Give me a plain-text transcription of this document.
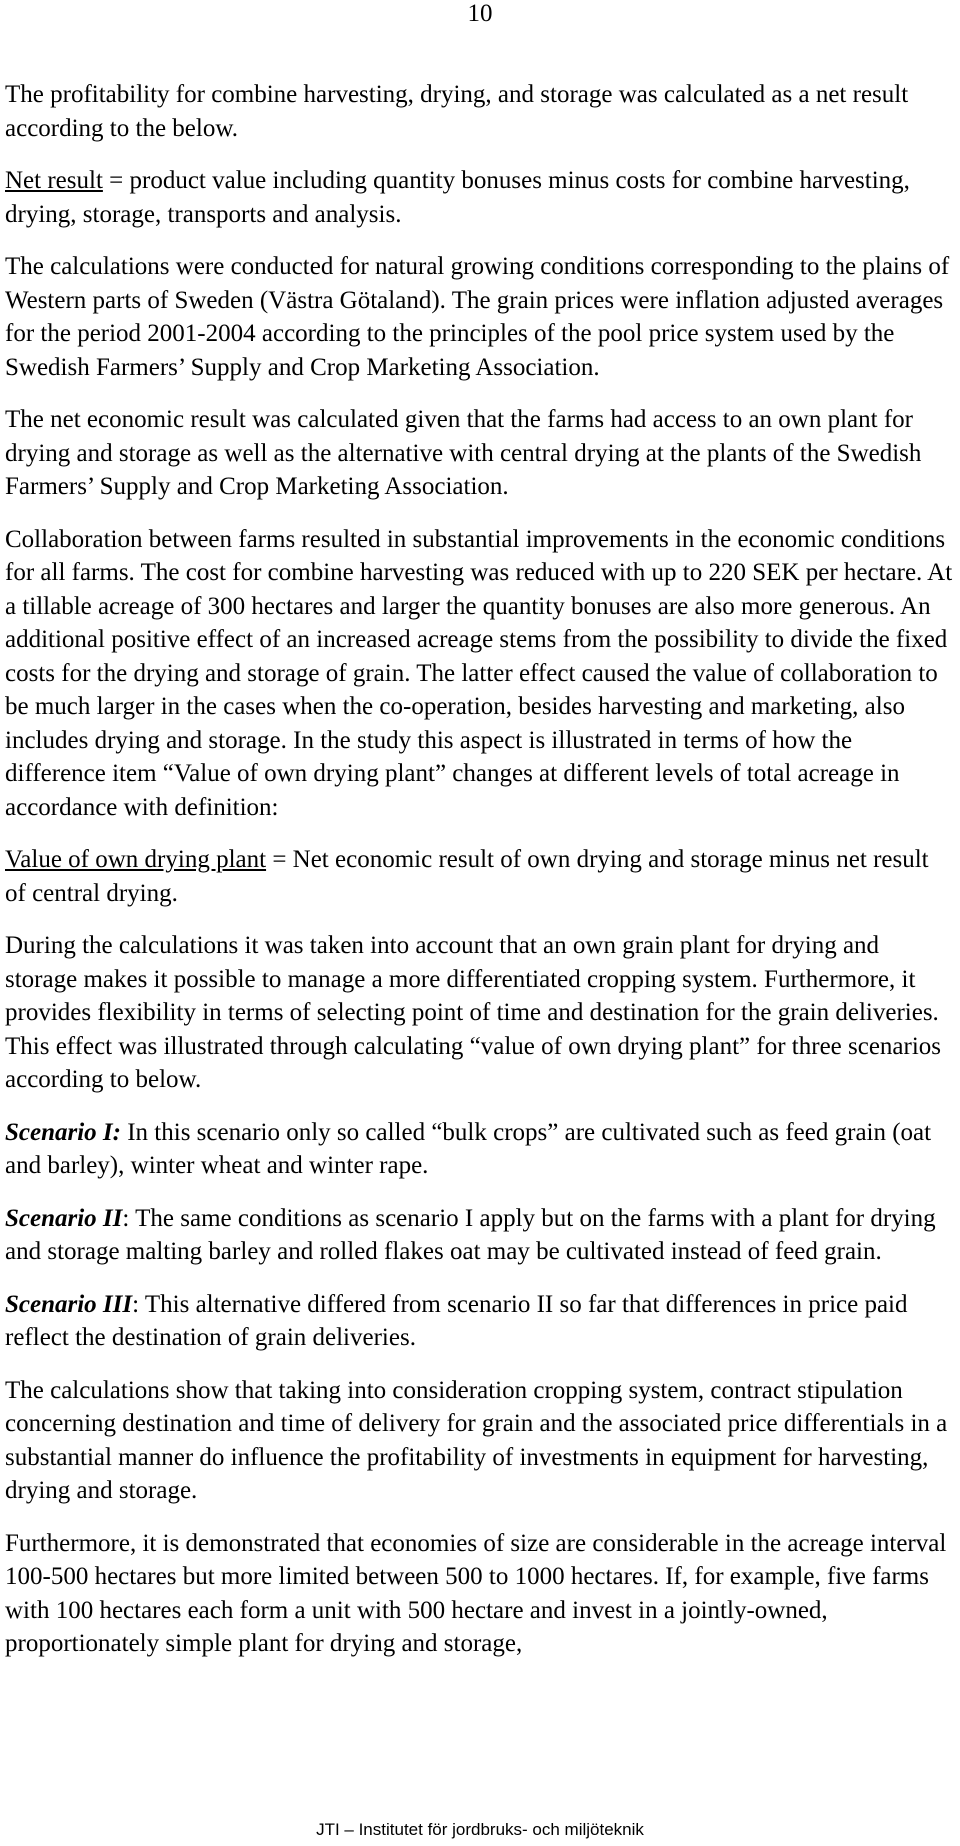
10

The profitability for combine harvesting, drying, and storage was calculated as a net result according to the below.

Net result = product value including quantity bonuses minus costs for combine harvesting, drying, storage, transports and analysis.

The calculations were conducted for natural growing conditions corresponding to the plains of Western parts of Sweden (Västra Götaland). The grain prices were inflation adjusted averages for the period 2001-2004 according to the principles of the pool price system used by the Swedish Farmers’ Supply and Crop Marketing Association.

The net economic result was calculated given that the farms had access to an own plant for drying and storage as well as the alternative with central drying at the plants of the Swedish Farmers’ Supply and Crop Marketing Association.

Collaboration between farms resulted in substantial improvements in the economic conditions for all farms. The cost for combine harvesting was reduced with up to 220 SEK per hectare. At a tillable acreage of 300 hectares and larger the quantity bonuses are also more generous. An additional positive effect of an increased acreage stems from the possibility to divide the fixed costs for the drying and storage of grain. The latter effect caused the value of collaboration to be much larger in the cases when the co-operation, besides harvesting and marketing, also includes drying and storage. In the study this aspect is illustrated in terms of how the difference item “Value of own drying plant” changes at different levels of total acreage in accordance with definition:

Value of own drying plant = Net economic result of own drying and storage minus net result of central drying.

During the calculations it was taken into account that an own grain plant for drying and storage makes it possible to manage a more differentiated cropping system. Furthermore, it provides flexibility in terms of selecting point of time and destination for the grain deliveries. This effect was illustrated through calculating “value of own drying plant” for three scenarios according to below.

Scenario I: In this scenario only so called “bulk crops” are cultivated such as feed grain (oat and barley), winter wheat and winter rape.

Scenario II: The same conditions as scenario I apply but on the farms with a plant for drying and storage malting barley and rolled flakes oat may be cultivated instead of feed grain.

Scenario III: This alternative differed from scenario II so far that differences in price paid reflect the destination of grain deliveries.

The calculations show that taking into consideration cropping system, contract stipulation concerning destination and time of delivery for grain and the associated price differentials in a substantial manner do influence the profitability of investments in equipment for harvesting, drying and storage.

Furthermore, it is demonstrated that economies of size are considerable in the acreage interval 100-500 hectares but more limited between 500 to 1000 hectares. If, for example, five farms with 100 hectares each form a unit with 500 hectare and invest in a jointly-owned, proportionately simple plant for drying and storage,

JTI – Institutet för jordbruks- och miljöteknik
